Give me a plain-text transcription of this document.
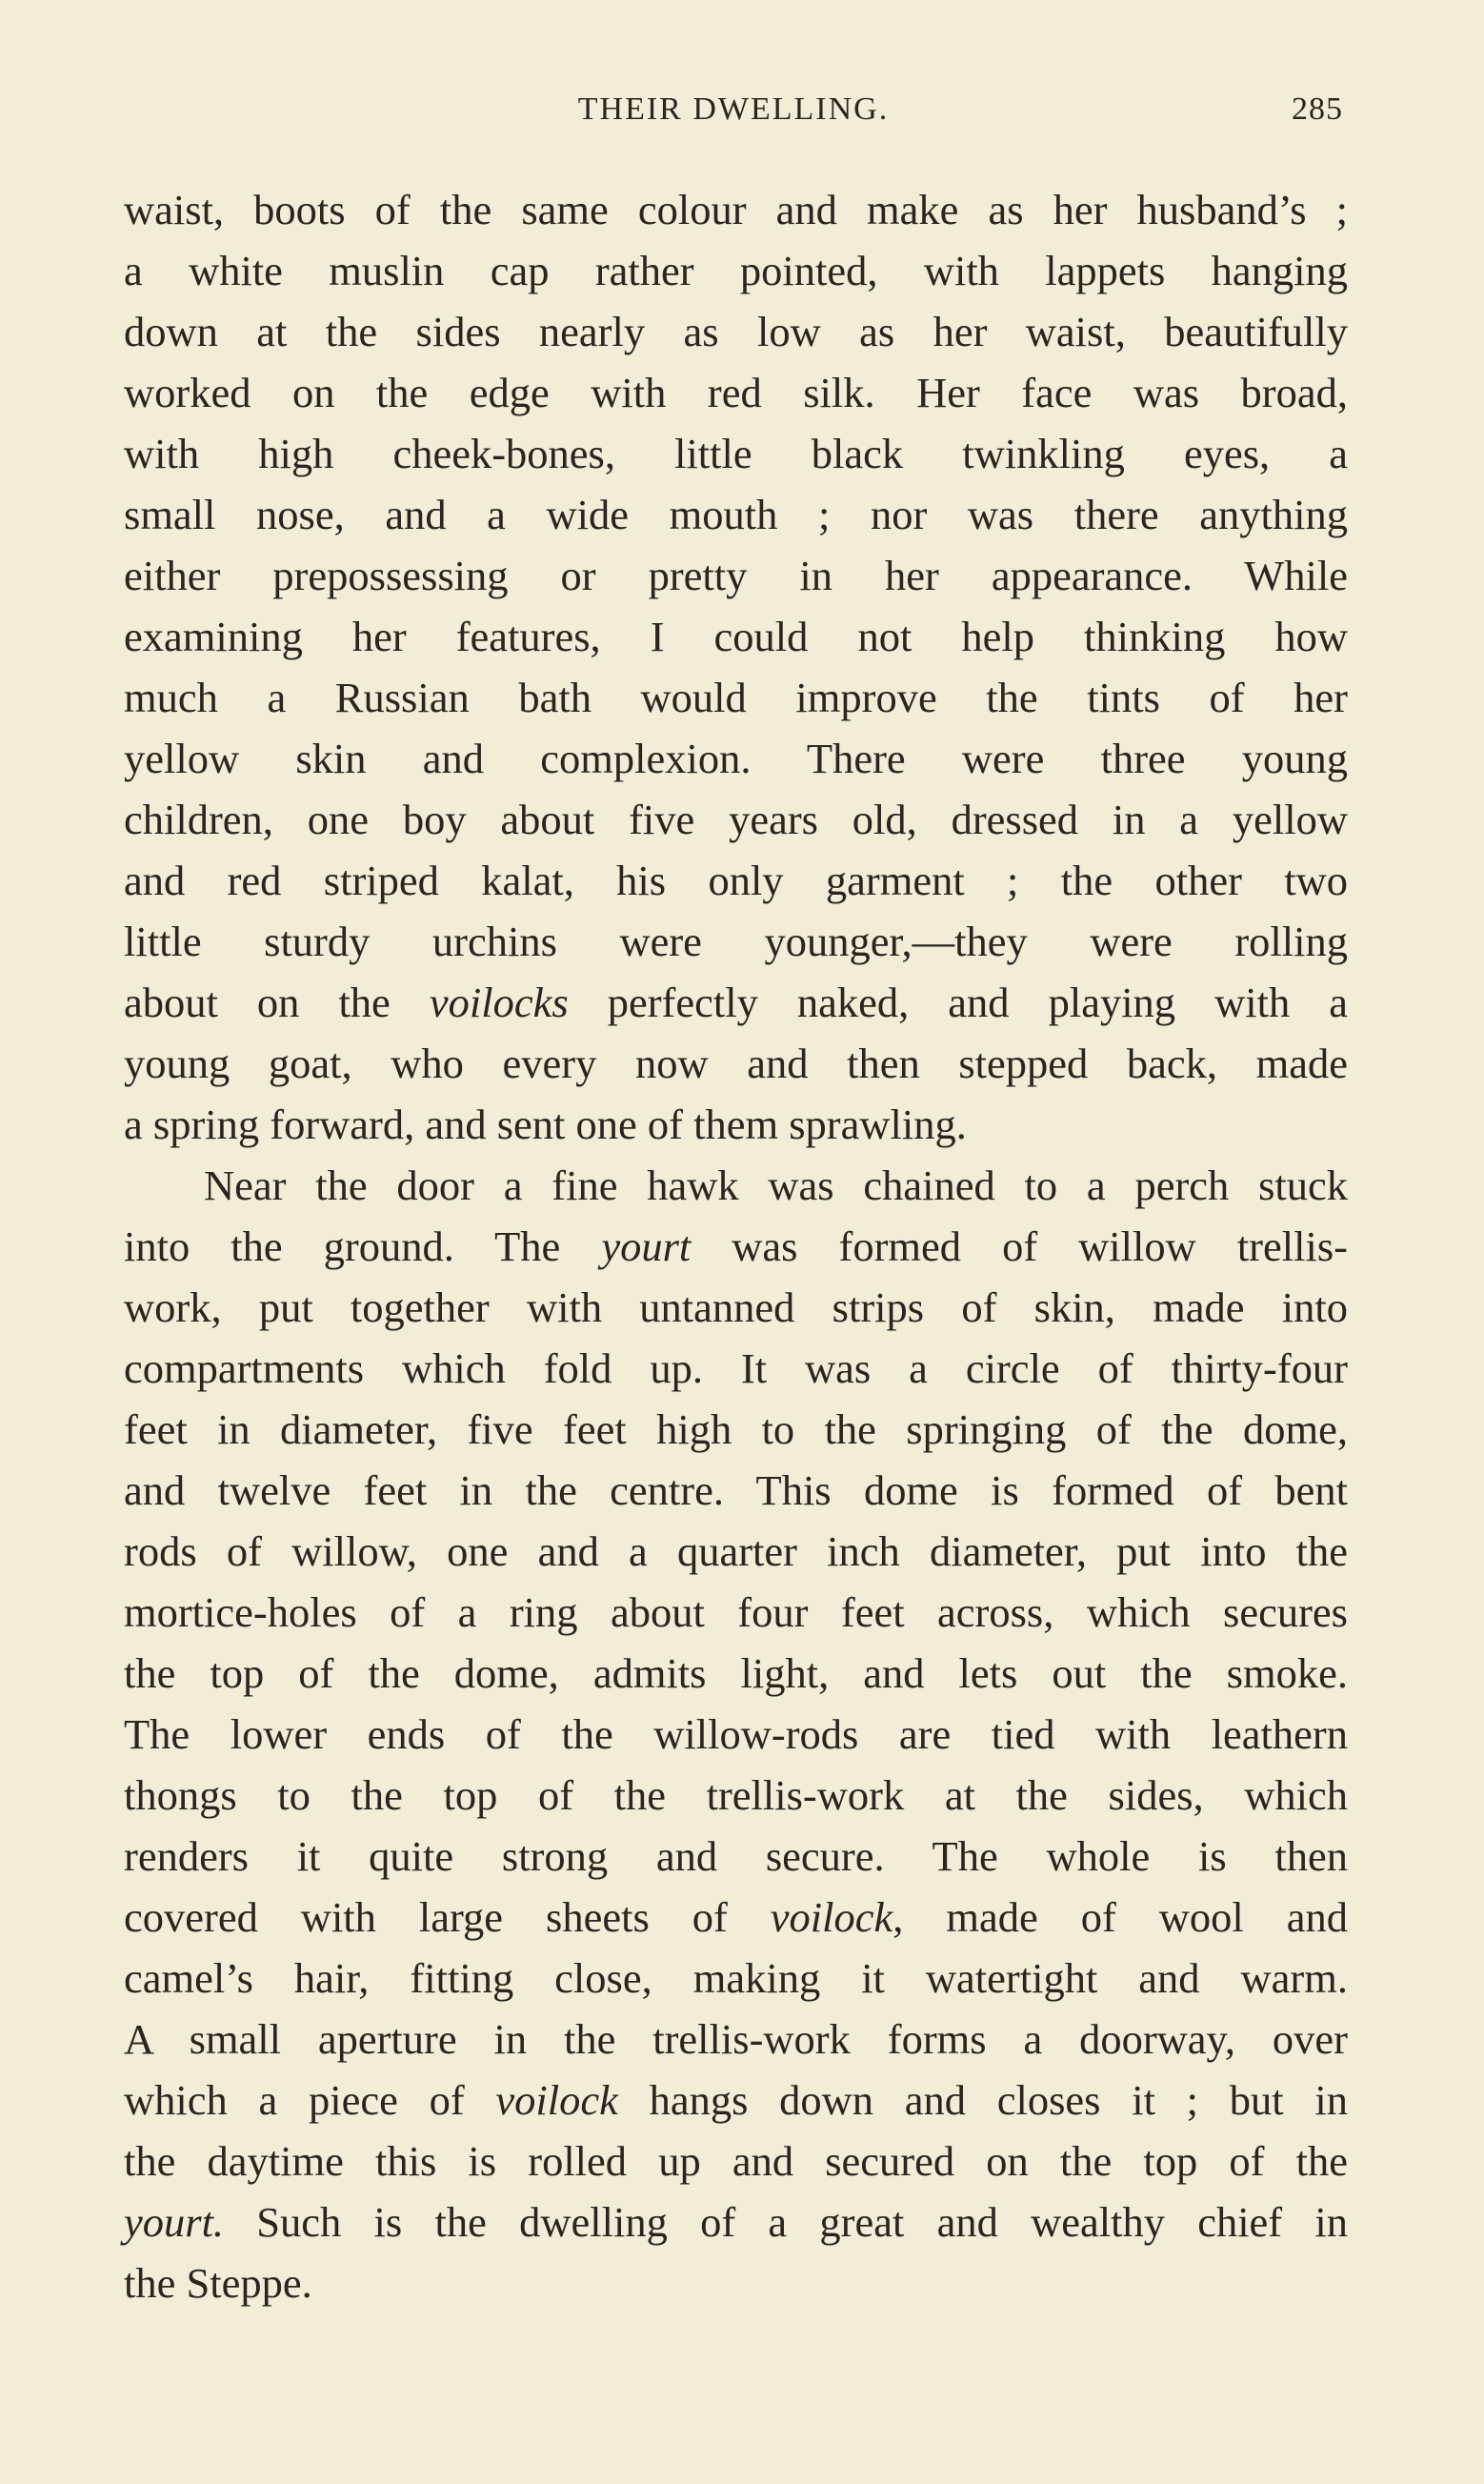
THEIR DWELLING.	285
waist, boots of the same colour and make as her husband’s ;
a white muslin cap rather pointed, with lappets hanging
down at the sides nearly as low as her waist, beautifully
worked on the edge with red silk. Her face was broad,
with high cheek-bones, little black twinkling eyes, a
small nose, and a wide mouth ; nor was there anything
either prepossessing or pretty in her appearance. While
examining her features, I could not help thinking how
much a Russian bath would improve the tints of her
yellow skin and complexion. There were three young
children, one boy about five years old, dressed in a yellow
and red striped kalat, his only garment ; the other two
little sturdy urchins were younger,—they were rolling
about on the voilocks perfectly naked, and playing with a
young goat, who every now and then stepped back, made
a spring forward, and sent one of them sprawling.
Near the door a fine hawk was chained to a perch stuck
into the ground. The yourt was formed of willow trellis-
work, put together with untanned strips of skin, made into
compartments which fold up. It was a circle of thirty-four
feet in diameter, five feet high to the springing of the dome,
and twelve feet in the centre. This dome is formed of bent
rods of willow, one and a quarter inch diameter, put into the
mortice-holes of a ring about four feet across, which secures
the top of the dome, admits light, and lets out the smoke.
The lower ends of the willow-rods are tied with leathern
thongs to the top of the trellis-work at the sides, which
renders it quite strong and secure. The whole is then
covered with large sheets of voilock, made of wool and
camel’s hair, fitting close, making it watertight and warm.
A small aperture in the trellis-work forms a doorway, over
which a piece of voilock hangs down and closes it ; but in
the daytime this is rolled up and secured on the top of the
yourt. Such is the dwelling of a great and wealthy chief in
the Steppe.
